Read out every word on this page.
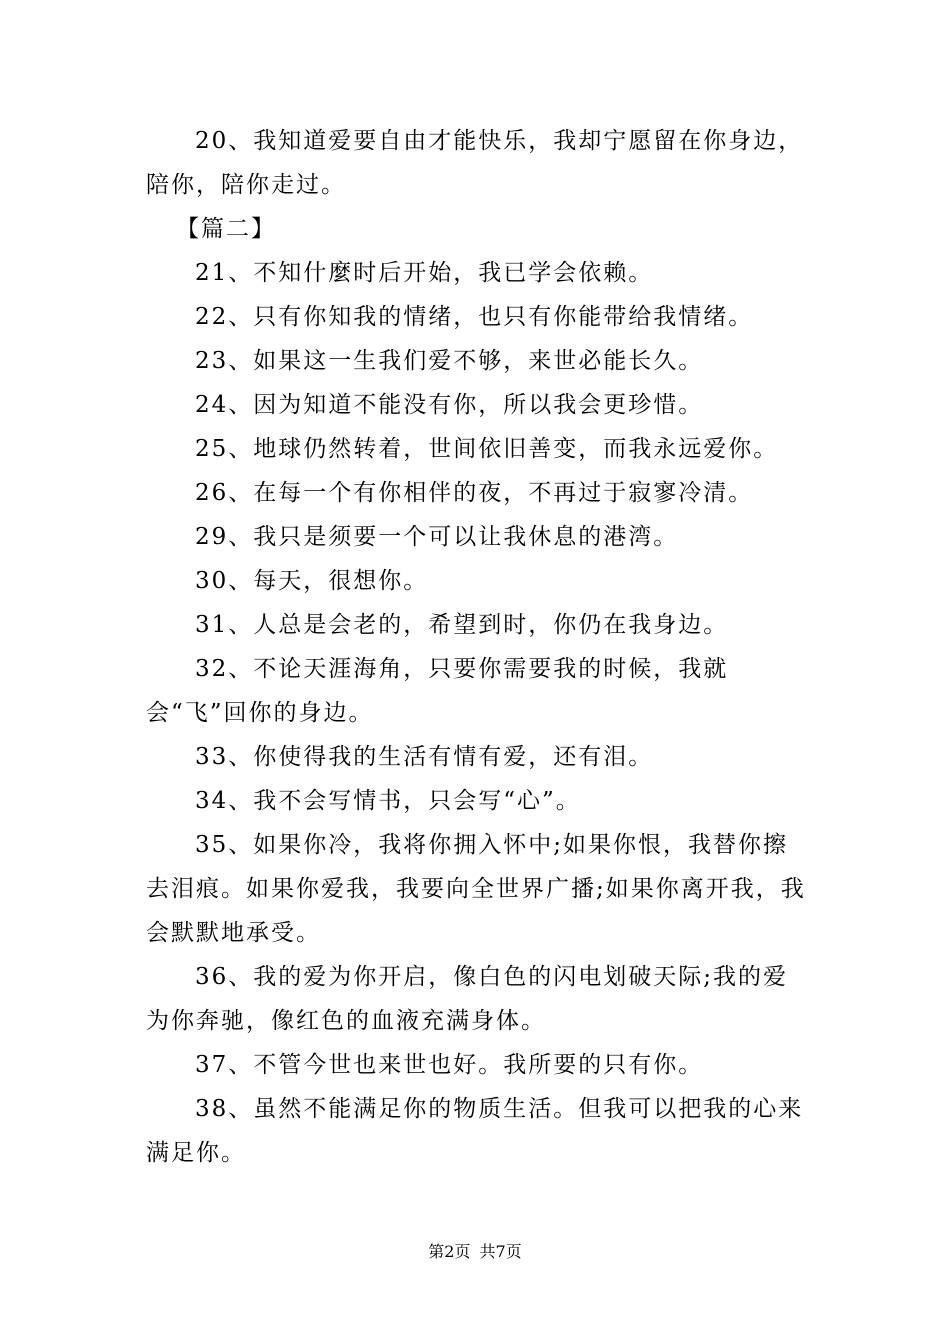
20、我知道爱要自由才能快乐，我却宁愿留在你身边，陪你，陪你走过。

【篇二】

21、不知什麼时后开始，我已学会依赖。

22、只有你知我的情绪，也只有你能带给我情绪。

23、如果这一生我们爱不够，来世必能长久。

24、因为知道不能没有你，所以我会更珍惜。

25、地球仍然转着，世间依旧善变，而我永远爱你。

26、在每一个有你相伴的夜，不再过于寂寥冷清。

29、我只是须要一个可以让我休息的港湾。

30、每天，很想你。

31、人总是会老的，希望到时，你仍在我身边。

32、不论天涯海角，只要你需要我的时候，我就会“飞”回你的身边。

33、你使得我的生活有情有爱，还有泪。

34、我不会写情书，只会写“心”。

35、如果你冷，我将你拥入怀中;如果你恨，我替你擦去泪痕。如果你爱我，我要向全世界广播;如果你离开我，我会默默地承受。

36、我的爱为你开启，像白色的闪电划破天际;我的爱为你奔驰，像红色的血液充满身体。

37、不管今世也来世也好。我所要的只有你。

38、虽然不能满足你的物质生活。但我可以把我的心来满足你。

第2页 共7页
